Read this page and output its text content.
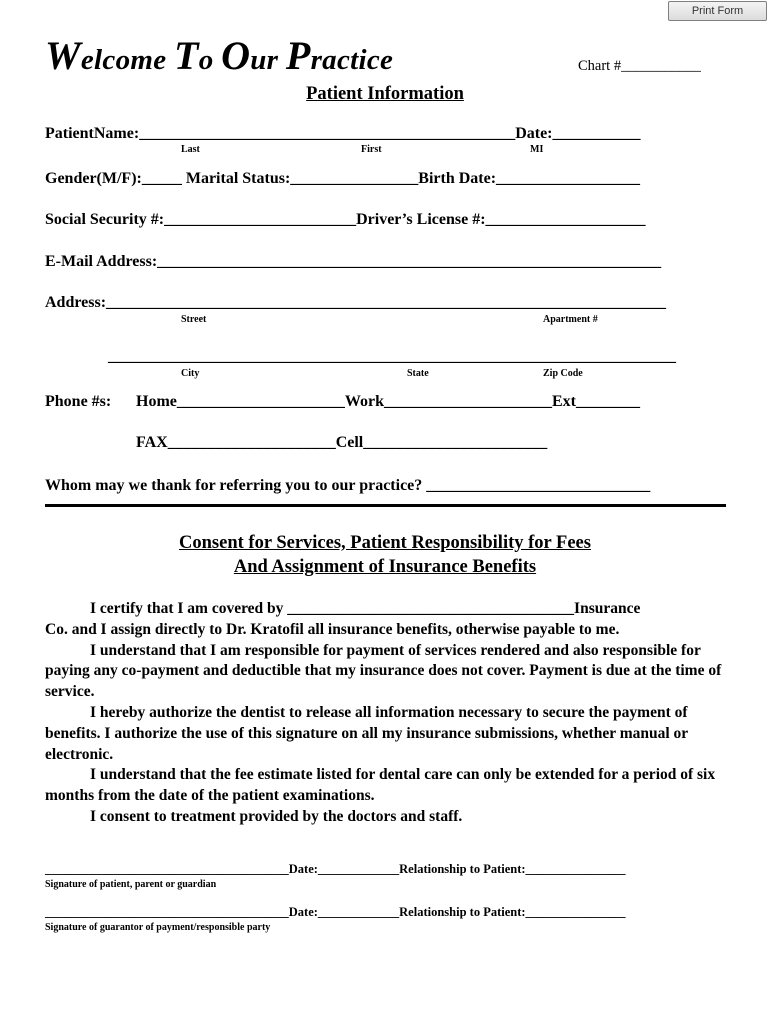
Print Form
Welcome To Our Practice	Chart #___________
Patient Information
PatientName:_______________________________________________Date:___________
Last	First	MI
Gender(M/F):_____ Marital Status:________________Birth Date:__________________
Social Security #:________________________Driver’s License #:____________________
E-Mail Address:_______________________________________________________________
Address:______________________________________________________________________
Street	Apartment #
_______________________________________________________________________
City	State	Zip Code
Phone #s: Home_____________________Work_____________________Ext________
FAX_____________________Cell_______________________
Whom may we thank for referring you to our practice? ____________________________
Consent for Services, Patient Responsibility for Fees
And Assignment of Insurance Benefits

I certify that I am covered by _____________________________________Insurance

Co. and I assign directly to Dr. Kratofil all insurance benefits, otherwise payable to me.

I understand that I am responsible for payment of services rendered and also responsible for paying any co-payment and deductible that my insurance does not cover. Payment is due at the time of service.

I hereby authorize the dentist to release all information necessary to secure the payment of benefits. I authorize the use of this signature on all my insurance submissions, whether manual or electronic.

I understand that the fee estimate listed for dental care can only be extended for a period of six months from the date of the patient examinations.

I consent to treatment provided by the doctors and staff.

_______________________________________Date:_____________Relationship to Patient:________________
Signature of patient, parent or guardian
_______________________________________Date:_____________Relationship to Patient:________________
Signature of guarantor of payment/responsible party
